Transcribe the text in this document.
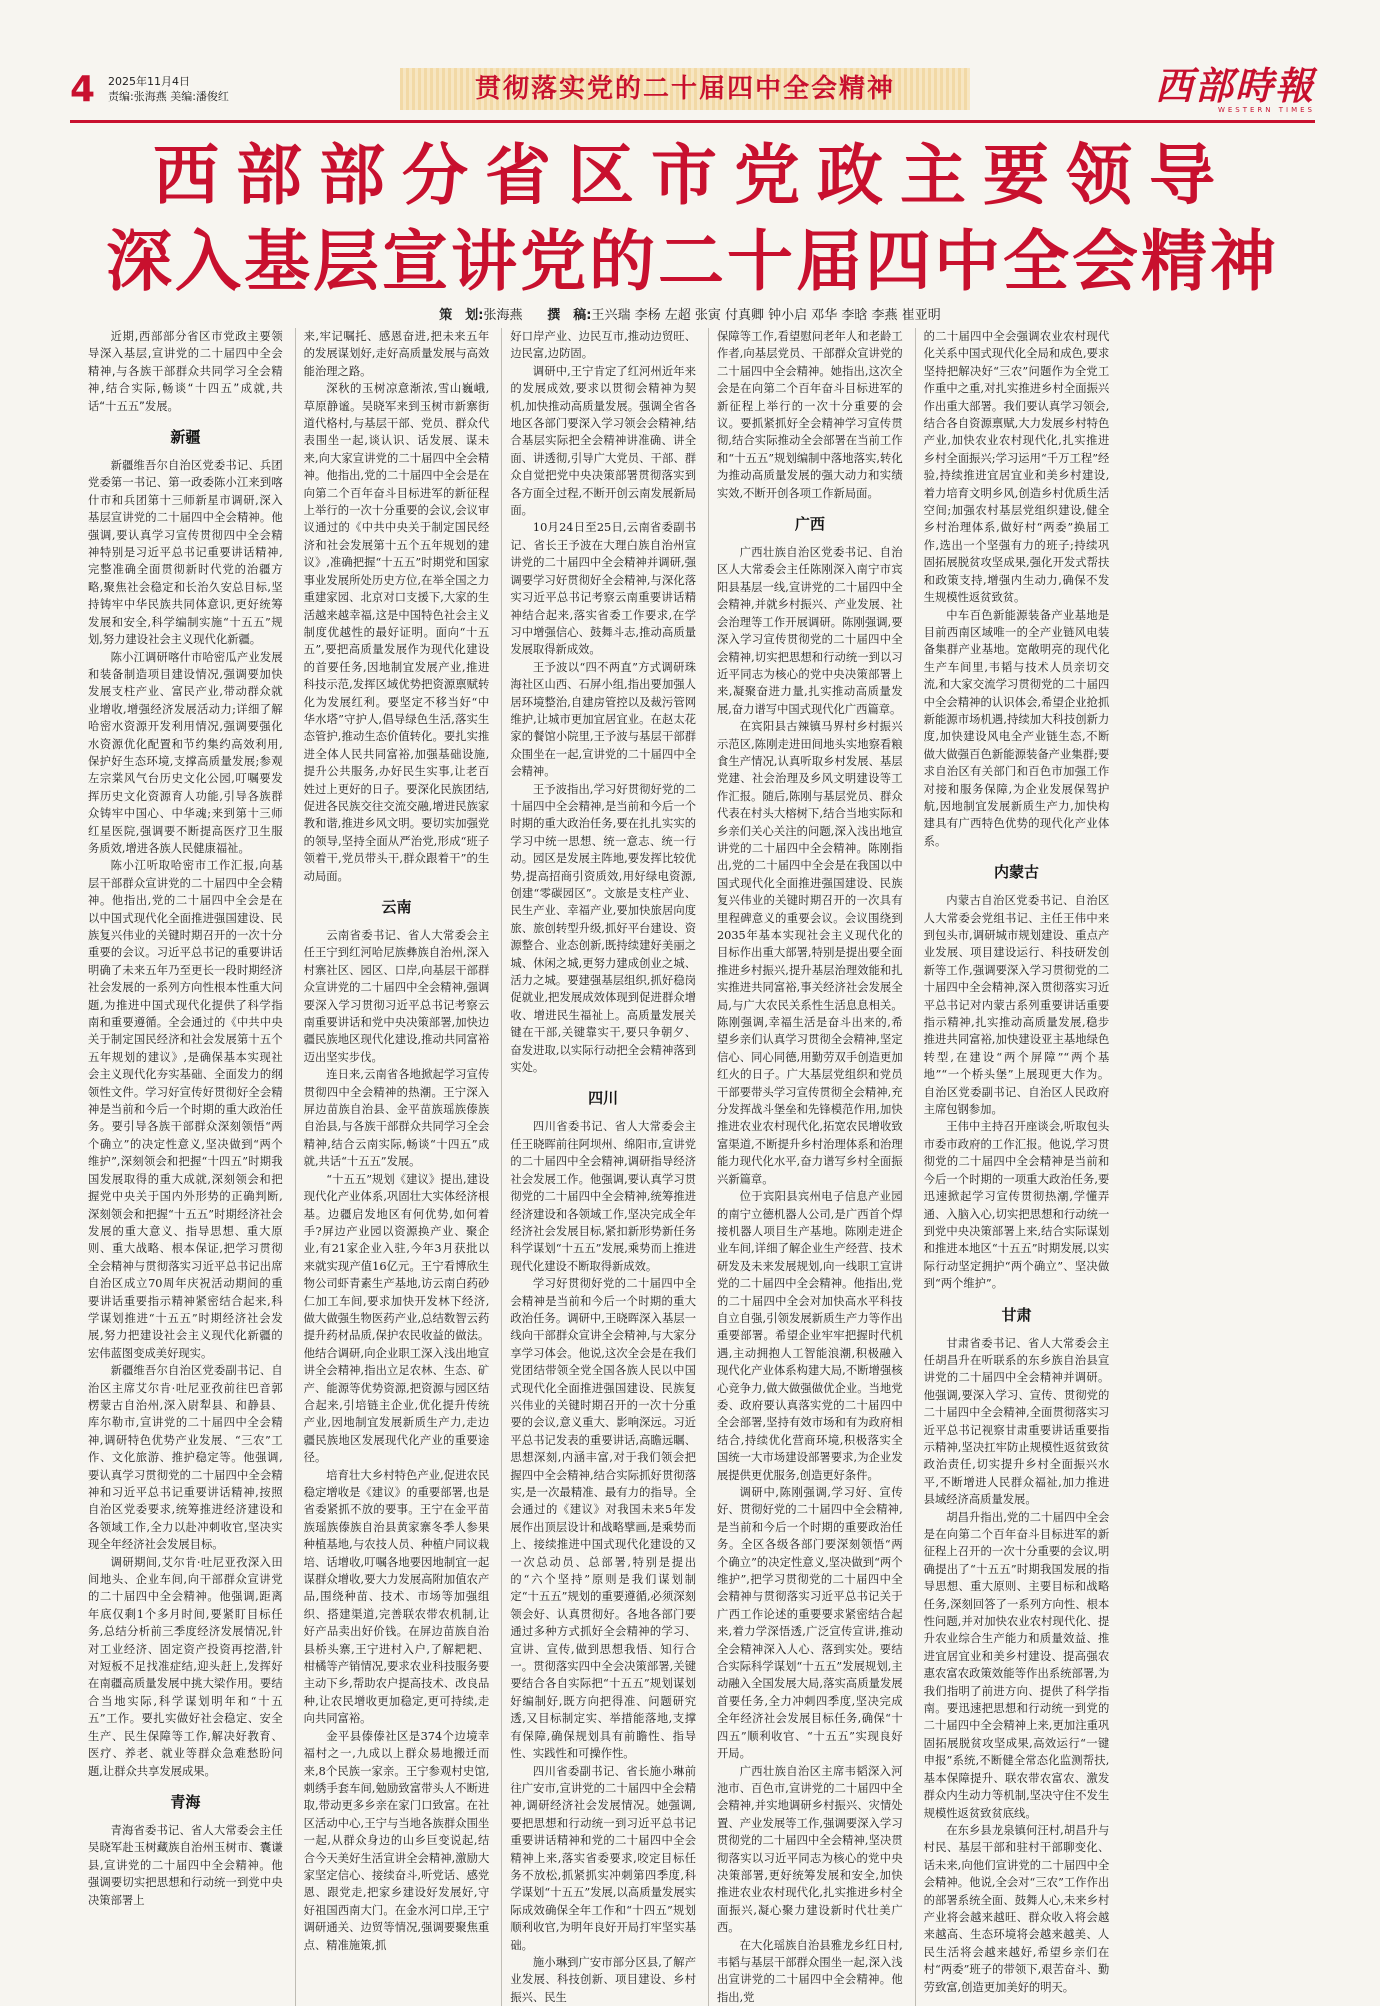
4 2025年11月4日
责编:张海燕 美编:潘俊红	贯彻落实党的二十届四中全会精神	西部時報
WESTERN TIMES
西部部分省区市党政主要领导
深入基层宣讲党的二十届四中全会精神
策　划:张海燕 撰　稿:王兴瑞 李杨 左超 张寅 付真卿 钟小启 邓华 李晗 李燕 崔亚明

近期,西部部分省区市党政主要领导深入基层,宣讲党的二十届四中全会精神,与各族干部群众共同学习全会精神,结合实际,畅谈“十四五”成就,共话“十五五”发展。

新疆

新疆维吾尔自治区党委书记、兵团党委第一书记、第一政委陈小江来到喀什市和兵团第十三师新星市调研,深入基层宣讲党的二十届四中全会精神。他强调,要认真学习宣传贯彻四中全会精神特别是习近平总书记重要讲话精神,完整准确全面贯彻新时代党的治疆方略,聚焦社会稳定和长治久安总目标,坚持铸牢中华民族共同体意识,更好统筹发展和安全,科学编制实施“十五五”规划,努力建设社会主义现代化新疆。

陈小江调研喀什市哈密瓜产业发展和装备制造项目建设情况,强调要加快发展支柱产业、富民产业,带动群众就业增收,增强经济发展活动力;详细了解哈密水资源开发利用情况,强调要强化水资源优化配置和节约集约高效利用,保护好生态环境,支撑高质量发展;参观左宗棠风气台历史文化公园,叮嘱要发挥历史文化资源育人功能,引导各族群众铸牢中国心、中华魂;来到第十三师红星医院,强调要不断提高医疗卫生服务质效,增进各族人民健康福祉。

陈小江听取哈密市工作汇报,向基层干部群众宣讲党的二十届四中全会精神。他指出,党的二十届四中全会是在以中国式现代化全面推进强国建设、民族复兴伟业的关键时期召开的一次十分重要的会议。习近平总书记的重要讲话明确了未来五年乃至更长一段时期经济社会发展的一系列方向性根本性重大问题,为推进中国式现代化提供了科学指南和重要遵循。全会通过的《中共中央关于制定国民经济和社会发展第十五个五年规划的建议》,是确保基本实现社会主义现代化夯实基础、全面发力的纲领性文件。学习好宣传好贯彻好全会精神是当前和今后一个时期的重大政治任务。要引导各族干部群众深刻领悟“两个确立”的决定性意义,坚决做到“两个维护”,深刻领会和把握“十四五”时期我国发展取得的重大成就,深刻领会和把握党中央关于国内外形势的正确判断,深刻领会和把握“十五五”时期经济社会发展的重大意义、指导思想、重大原则、重大战略、根本保证,把学习贯彻全会精神与贯彻落实习近平总书记出席自治区成立70周年庆祝活动期间的重要讲话重要指示精神紧密结合起来,科学谋划推进“十五五”时期经济社会发展,努力把建设社会主义现代化新疆的宏伟蓝图变成美好现实。

新疆维吾尔自治区党委副书记、自治区主席艾尔肯·吐尼亚孜前往巴音郭楞蒙古自治州,深入尉犁县、和静县、库尔勒市,宣讲党的二十届四中全会精神,调研特色优势产业发展、“三农”工作、文化旅游、推护稳定等。他强调,要认真学习贯彻党的二十届四中全会精神和习近平总书记重要讲话精神,按照自治区党委要求,统筹推进经济建设和各领域工作,全力以赴冲刺收官,坚决实现全年经济社会发展目标。

调研期间,艾尔肯·吐尼亚孜深入田间地头、企业车间,向干部群众宣讲党的二十届四中全会精神。他强调,距离年底仅剩1个多月时间,要紧盯目标任务,总结分析前三季度经济发展情况,针对工业经济、固定资产投资再挖潜,针对短板不足找准症结,迎头赶上,发挥好在南疆高质量发展中挑大梁作用。要结合当地实际,科学谋划明年和“十五五”工作。要扎实做好社会稳定、安全生产、民生保障等工作,解决好教育、医疗、养老、就业等群众急难愁盼问题,让群众共享发展成果。

青海

青海省委书记、省人大常委会主任吴晓军赴玉树藏族自治州玉树市、囊谦县,宣讲党的二十届四中全会精神。他强调要切实把思想和行动统一到党中央决策部署上

来,牢记嘱托、感恩奋进,把未来五年的发展谋划好,走好高质量发展与高效能治理之路。

深秋的玉树凉意渐浓,雪山巍峨,草原静谧。吴晓军来到玉树市新寨街道代格村,与基层干部、党员、群众代表围坐一起,谈认识、话发展、谋未来,向大家宣讲党的二十届四中全会精神。他指出,党的二十届四中全会是在向第二个百年奋斗目标进军的新征程上举行的一次十分重要的会议,会议审议通过的《中共中央关于制定国民经济和社会发展第十五个五年规划的建议》,准确把握“十五五”时期党和国家事业发展所处历史方位,在举全国之力重建家园、北京对口支援下,大家的生活越来越幸福,这是中国特色社会主义制度优越性的最好证明。面向“十五五”,要把高质量发展作为现代化建设的首要任务,因地制宜发展产业,推进科技示范,发挥区域优势把资源禀赋转化为发展红利。要坚定不移当好“中华水塔”守护人,倡导绿色生活,落实生态管护,推动生态价值转化。要扎实推进全体人民共同富裕,加强基础设施,提升公共服务,办好民生实事,让老百姓过上更好的日子。要深化民族团结,促进各民族交往交流交融,增进民族家教和谐,推进乡风文明。要切实加强党的领导,坚持全面从严治党,形成“班子领着干,党员带头干,群众跟着干”的生动局面。

云南

云南省委书记、省人大常委会主任王宁到红河哈尼族彝族自治州,深入村寨社区、园区、口岸,向基层干部群众宣讲党的二十届四中全会精神,强调要深入学习贯彻习近平总书记考察云南重要讲话和党中央决策部署,加快边疆民族地区现代化建设,推动共同富裕迈出坚实步伐。

连日来,云南省各地掀起学习宣传贯彻四中全会精神的热潮。王宁深入屏边苗族自治县、金平苗族瑶族傣族自治县,与各族干部群众共同学习全会精神,结合云南实际,畅谈“十四五”成就,共话“十五五”发展。

“十五五”规划《建议》提出,建设现代化产业体系,巩固壮大实体经济根基。边疆启发地区有何优势,如何着手?屏边产业园以资源换产业、聚企业,有21家企业入驻,今年3月获批以来就实现产值16亿元。王宁看博欣生物公司虾青素生产基地,访云南白药砂仁加工车间,要求加快开发林下经济,做大做强生物医药产业,总结数智云药提升药材品质,保护农民收益的做法。他结合调研,向企业职工深入浅出地宣讲全会精神,指出立足农林、生态、矿产、能源等优势资源,把资源与园区结合起来,引培链主企业,优化提升传统产业,因地制宜发展新质生产力,走边疆民族地区发展现代化产业的重要途径。

培育壮大乡村特色产业,促进农民稳定增收是《建议》的重要部署,也是省委紧抓不放的要事。王宁在金平苗族瑶族傣族自治县黄家寨冬季人参果种植基地,与农技人员、种植户同议栽培、话增收,叮嘱各地要因地制宜一起谋群众增收,要大力发展高附加值农产品,围绕种苗、技术、市场等加强组织、搭建渠道,完善联农带农机制,让好产品卖出好价钱。在屏边苗族自治县桥头寨,王宁进村入户,了解耙耙、柑橘等产销情况,要求农业科技服务要主动下乡,帮助农户提高技术、改良品种,让农民增收更加稳定,更可持续,走向共同富裕。

金平县傣傣社区是374个边境幸福村之一,九成以上群众易地搬迁而来,8个民族一家亲。王宁参观村史馆,刺绣手套车间,勉励致富带头人不断进取,带动更多乡亲在家门口致富。在社区活动中心,王宁与当地各族群众围坐一起,从群众身边的山乡巨变说起,结合今天美好生活宣讲全会精神,激励大家坚定信心、接续奋斗,听党话、感党恩、跟党走,把家乡建设好发展好,守好祖国西南大门。在金水河口岸,王宁调研通关、边贸等情况,强调要聚焦重点、精准施策,抓

好口岸产业、边民互市,推动边贸旺、边民富,边防固。

调研中,王宁肯定了红河州近年来的发展成效,要求以贯彻会精神为契机,加快推动高质量发展。强调全省各地区各部门要深入学习领会会精神,结合基层实际把全会精神讲准确、讲全面、讲透彻,引导广大党员、干部、群众自觉把党中央决策部署贯彻落实到各方面全过程,不断开创云南发展新局面。

10月24日至25日,云南省委副书记、省长王予波在大理白族自治州宣讲党的二十届四中全会精神并调研,强调要学习好贯彻好全会精神,与深化落实习近平总书记考察云南重要讲话精神结合起来,落实省委工作要求,在学习中增强信心、鼓舞斗志,推动高质量发展取得新成效。

王予波以“四不两直”方式调研珠海社区山西、石屏小组,指出要加强人居环境整治,自建房管控以及裁污管网维护,让城市更加宜居宜业。在赵太花家的餐馆小院里,王予波与基层干部群众围坐在一起,宣讲党的二十届四中全会精神。

王予波指出,学习好贯彻好党的二十届四中全会精神,是当前和今后一个时期的重大政治任务,要在扎扎实实的学习中统一思想、统一意志、统一行动。园区是发展主阵地,要发挥比较优势,提高招商引资质效,用好绿电资源,创建“零碳园区”。文旅是支柱产业、民生产业、幸福产业,要加快旅居向度旅、旅创转型升级,抓好平台建设、资源整合、业态创新,既持续建好美丽之城、休闲之城,更努力建成创业之城、活力之城。要建强基层组织,抓好稳岗促就业,把发展成效体现到促进群众增收、增进民生福祉上。高质量发展关键在干部,关键靠实干,要只争朝夕、奋发进取,以实际行动把全会精神落到实处。

四川

四川省委书记、省人大常委会主任王晓晖前往阿坝州、绵阳市,宣讲党的二十届四中全会精神,调研指导经济社会发展工作。他强调,要认真学习贯彻党的二十届四中全会精神,统筹推进经济建设和各领域工作,坚决完成全年经济社会发展目标,紧扣新形势新任务科学谋划“十五五”发展,乘势而上推进现代化建设不断取得新成效。

学习好贯彻好党的二十届四中全会精神是当前和今后一个时期的重大政治任务。调研中,王晓晖深入基层一线向干部群众宣讲全会精神,与大家分享学习体会。他说,这次全会是在我们党团结带领全党全国各族人民以中国式现代化全面推进强国建设、民族复兴伟业的关键时期召开的一次十分重要的会议,意义重大、影响深远。习近平总书记发表的重要讲话,高瞻远瞩、思想深刻,内涵丰富,对于我们领会把握四中全会精神,结合实际抓好贯彻落实,是一次最精准、最有力的指导。全会通过的《建议》对我国未来5年发展作出顶层设计和战略擘画,是乘势而上、接续推进中国式现代化建设的又一次总动员、总部署,特别是提出的“六个坚持”原则是我们谋划制定“十五五”规划的重要遵循,必须深刻领会好、认真贯彻好。各地各部门要通过多种方式抓好全会精神的学习、宣讲、宣传,做到思想我悟、知行合一。贯彻落实四中全会决策部署,关键要结合各自实际把“十五五”规划谋划好编制好,既方向把得准、问题研究透,又目标制定实、举措能落地,支撑有保障,确保规划具有前瞻性、指导性、实践性和可操作性。

四川省委副书记、省长施小琳前往广安市,宣讲党的二十届四中全会精神,调研经济社会发展情况。她强调,要把思想和行动统一到习近平总书记重要讲话精神和党的二十届四中全会精神上来,落实省委要求,咬定目标任务不放松,抓紧抓实冲刺第四季度,科学谋划“十五五”发展,以高质量发展实际成效确保全年工作和“十四五”规划顺利收官,为明年良好开局打牢坚实基础。

施小琳到广安市部分区县,了解产业发展、科技创新、项目建设、乡村振兴、民生

保障等工作,看望慰问老年人和老龄工作者,向基层党员、干部群众宣讲党的二十届四中全会精神。她指出,这次全会是在向第二个百年奋斗目标进军的新征程上举行的一次十分重要的会议。要抓紧抓好全会精神学习宣传贯彻,结合实际推动全会部署在当前工作和“十五五”规划编制中落地落实,转化为推动高质量发展的强大动力和实绩实效,不断开创各项工作新局面。

广西

广西壮族自治区党委书记、自治区人大常委会主任陈刚深入南宁市宾阳县基层一线,宣讲党的二十届四中全会精神,并就乡村振兴、产业发展、社会治理等工作开展调研。陈刚强调,要深入学习宣传贯彻党的二十届四中全会精神,切实把思想和行动统一到以习近平同志为核心的党中央决策部署上来,凝聚奋进力量,扎实推动高质量发展,奋力谱写中国式现代化广西篇章。

在宾阳县古辣镇马界村乡村振兴示范区,陈刚走进田间地头实地察看粮食生产情况,认真听取乡村发展、基层党建、社会治理及乡风文明建设等工作汇报。随后,陈刚与基层党员、群众代表在村头大榕树下,结合当地实际和乡亲们关心关注的问题,深入浅出地宣讲党的二十届四中全会精神。陈刚指出,党的二十届四中全会是在我国以中国式现代化全面推进强国建设、民族复兴伟业的关键时期召开的一次具有里程碑意义的重要会议。会议围绕到2035年基本实现社会主义现代化的目标作出重大部署,特别是提出要全面推进乡村振兴,提升基层治理效能和扎实推进共同富裕,事关经济社会发展全局,与广大农民关系性生活息息相关。陈刚强调,幸福生活是奋斗出来的,希望乡亲们认真学习贯彻全会精神,坚定信心、同心同德,用勤劳双手创造更加红火的日子。广大基层党组织和党员干部要带头学习宣传贯彻全会精神,充分发挥战斗堡垒和先锋模范作用,加快推进农业农村现代化,拓宽农民增收致富渠道,不断提升乡村治理体系和治理能力现代化水平,奋力谱写乡村全面振兴新篇章。

位于宾阳县宾州电子信息产业园的南宁立德机器人公司,是广西首个焊接机器人项目生产基地。陈刚走进企业车间,详细了解企业生产经营、技术研发及未来发展规划,向一线职工宣讲党的二十届四中全会精神。他指出,党的二十届四中全会对加快高水平科技自立自强,引领发展新质生产力等作出重要部署。希望企业牢牢把握时代机遇,主动拥抱人工智能浪潮,积极融入现代化产业体系构建大局,不断增强核心竞争力,做大做强做优企业。当地党委、政府要认真落实党的二十届四中全会部署,坚持有效市场和有为政府相结合,持续优化营商环境,积极落实全国统一大市场建设部署要求,为企业发展提供更优服务,创造更好条件。

调研中,陈刚强调,学习好、宣传好、贯彻好党的二十届四中全会精神,是当前和今后一个时期的重要政治任务。全区各级各部门要深刻领悟“两个确立”的决定性意义,坚决做到“两个维护”,把学习贯彻党的二十届四中全会精神与贯彻落实习近平总书记关于广西工作论述的重要要求紧密结合起来,着力学深悟透,广泛宣传宣讲,推动全会精神深入人心、落到实处。要结合实际科学谋划“十五五”发展规划,主动融入全国发展大局,落实高质量发展首要任务,全力冲刺四季度,坚决完成全年经济社会发展目标任务,确保“十四五”顺利收官、“十五五”实现良好开局。

广西壮族自治区主席韦韬深入河池市、百色市,宣讲党的二十届四中全会精神,并实地调研乡村振兴、灾情处置、产业发展等工作,强调要深入学习贯彻党的二十届四中全会精神,坚决贯彻落实以习近平同志为核心的党中央决策部署,更好统筹发展和安全,加快推进农业农村现代化,扎实推进乡村全面振兴,凝心聚力建设新时代壮美广西。

在大化瑶族自治县雅龙乡红日村,韦韬与基层干部群众围坐一起,深入浅出宣讲党的二十届四中全会精神。他指出,党

的二十届四中全会强调农业农村现代化关系中国式现代化全局和成色,要求坚持把解决好“三农”问题作为全党工作重中之重,对扎实推进乡村全面振兴作出重大部署。我们要认真学习领会,结合各自资源禀赋,大力发展乡村特色产业,加快农业农村现代化,扎实推进乡村全面振兴;学习运用“千万工程”经验,持续推进宜居宜业和美乡村建设,着力培育文明乡风,创造乡村优质生活空间;加强农村基层党组织建设,健全乡村治理体系,做好村“两委”换届工作,选出一个坚强有力的班子;持续巩固拓展脱贫攻坚成果,强化开发式帮扶和政策支持,增强内生动力,确保不发生规模性返贫致贫。

中车百色新能源装备产业基地是目前西南区域唯一的全产业链风电装备集群产业基地。宽敞明亮的现代化生产车间里,韦韬与技术人员亲切交流,和大家交流学习贯彻党的二十届四中全会精神的认识体会,希望企业抢抓新能源市场机遇,持续加大科技创新力度,加快建设风电全产业链生态,不断做大做强百色新能源装备产业集群;要求自治区有关部门和百色市加强工作对接和服务保障,为企业发展保驾护航,因地制宜发展新质生产力,加快构建具有广西特色优势的现代化产业体系。

内蒙古

内蒙古自治区党委书记、自治区人大常委会党组书记、主任王伟中来到包头市,调研城市规划建设、重点产业发展、项目建设运行、科技研发创新等工作,强调要深入学习贯彻党的二十届四中全会精神,深入贯彻落实习近平总书记对内蒙古系列重要讲话重要指示精神,扎实推动高质量发展,稳步推进共同富裕,加快建设亚主基地绿色转型,在建设“两个屏障”“两个基地”“一个桥头堡”上展现更大作为。自治区党委副书记、自治区人民政府主席包钢参加。

王伟中主持召开座谈会,听取包头市委市政府的工作汇报。他说,学习贯彻党的二十届四中全会精神是当前和今后一个时期的一项重大政治任务,要迅速掀起学习宣传贯彻热潮,学懂弄通、入脑入心,切实把思想和行动统一到党中央决策部署上来,结合实际谋划和推进本地区“十五五”时期发展,以实际行动坚定拥护“两个确立”、坚决做到“两个维护”。

甘肃

甘肃省委书记、省人大常委会主任胡昌升在听联系的东乡族自治县宣讲党的二十届四中全会精神并调研。他强调,要深入学习、宣传、贯彻党的二十届四中全会精神,全面贯彻落实习近平总书记视察甘肃重要讲话重要指示精神,坚决扛牢防止规模性返贫致贫政治责任,切实提升乡村全面振兴水平,不断增进人民群众福祉,加力推进县域经济高质量发展。

胡昌升指出,党的二十届四中全会是在向第二个百年奋斗目标进军的新征程上召开的一次十分重要的会议,明确提出了“十五五”时期我国发展的指导思想、重大原则、主要目标和战略任务,深刻回答了一系列方向性、根本性问题,并对加快农业农村现代化、提升农业综合生产能力和质量效益、推进宜居宜业和美乡村建设、提高强农惠农富农政策效能等作出系统部署,为我们指明了前进方向、提供了科学指南。要迅速把思想和行动统一到党的二十届四中全会精神上来,更加注重巩固拓展脱贫攻坚成果,高效运行“一键申报”系统,不断健全常态化监测帮扶,基本保障提升、联农带农富农、激发群众内生动力等机制,坚决守住不发生规模性返贫致贫底线。

在东乡县龙泉镇何汪村,胡昌升与村民、基层干部和驻村干部聊变化、话未来,向他们宣讲党的二十届四中全会精神。他说,全会对“三农”工作作出的部署系统全面、鼓舞人心,未来乡村产业将会越来越旺、群众收入将会越来越高、生态环境将会越来越美、人民生活将会越来越好,希望乡亲们在村“两委”班子的带领下,艰苦奋斗、勤劳致富,创造更加美好的明天。
